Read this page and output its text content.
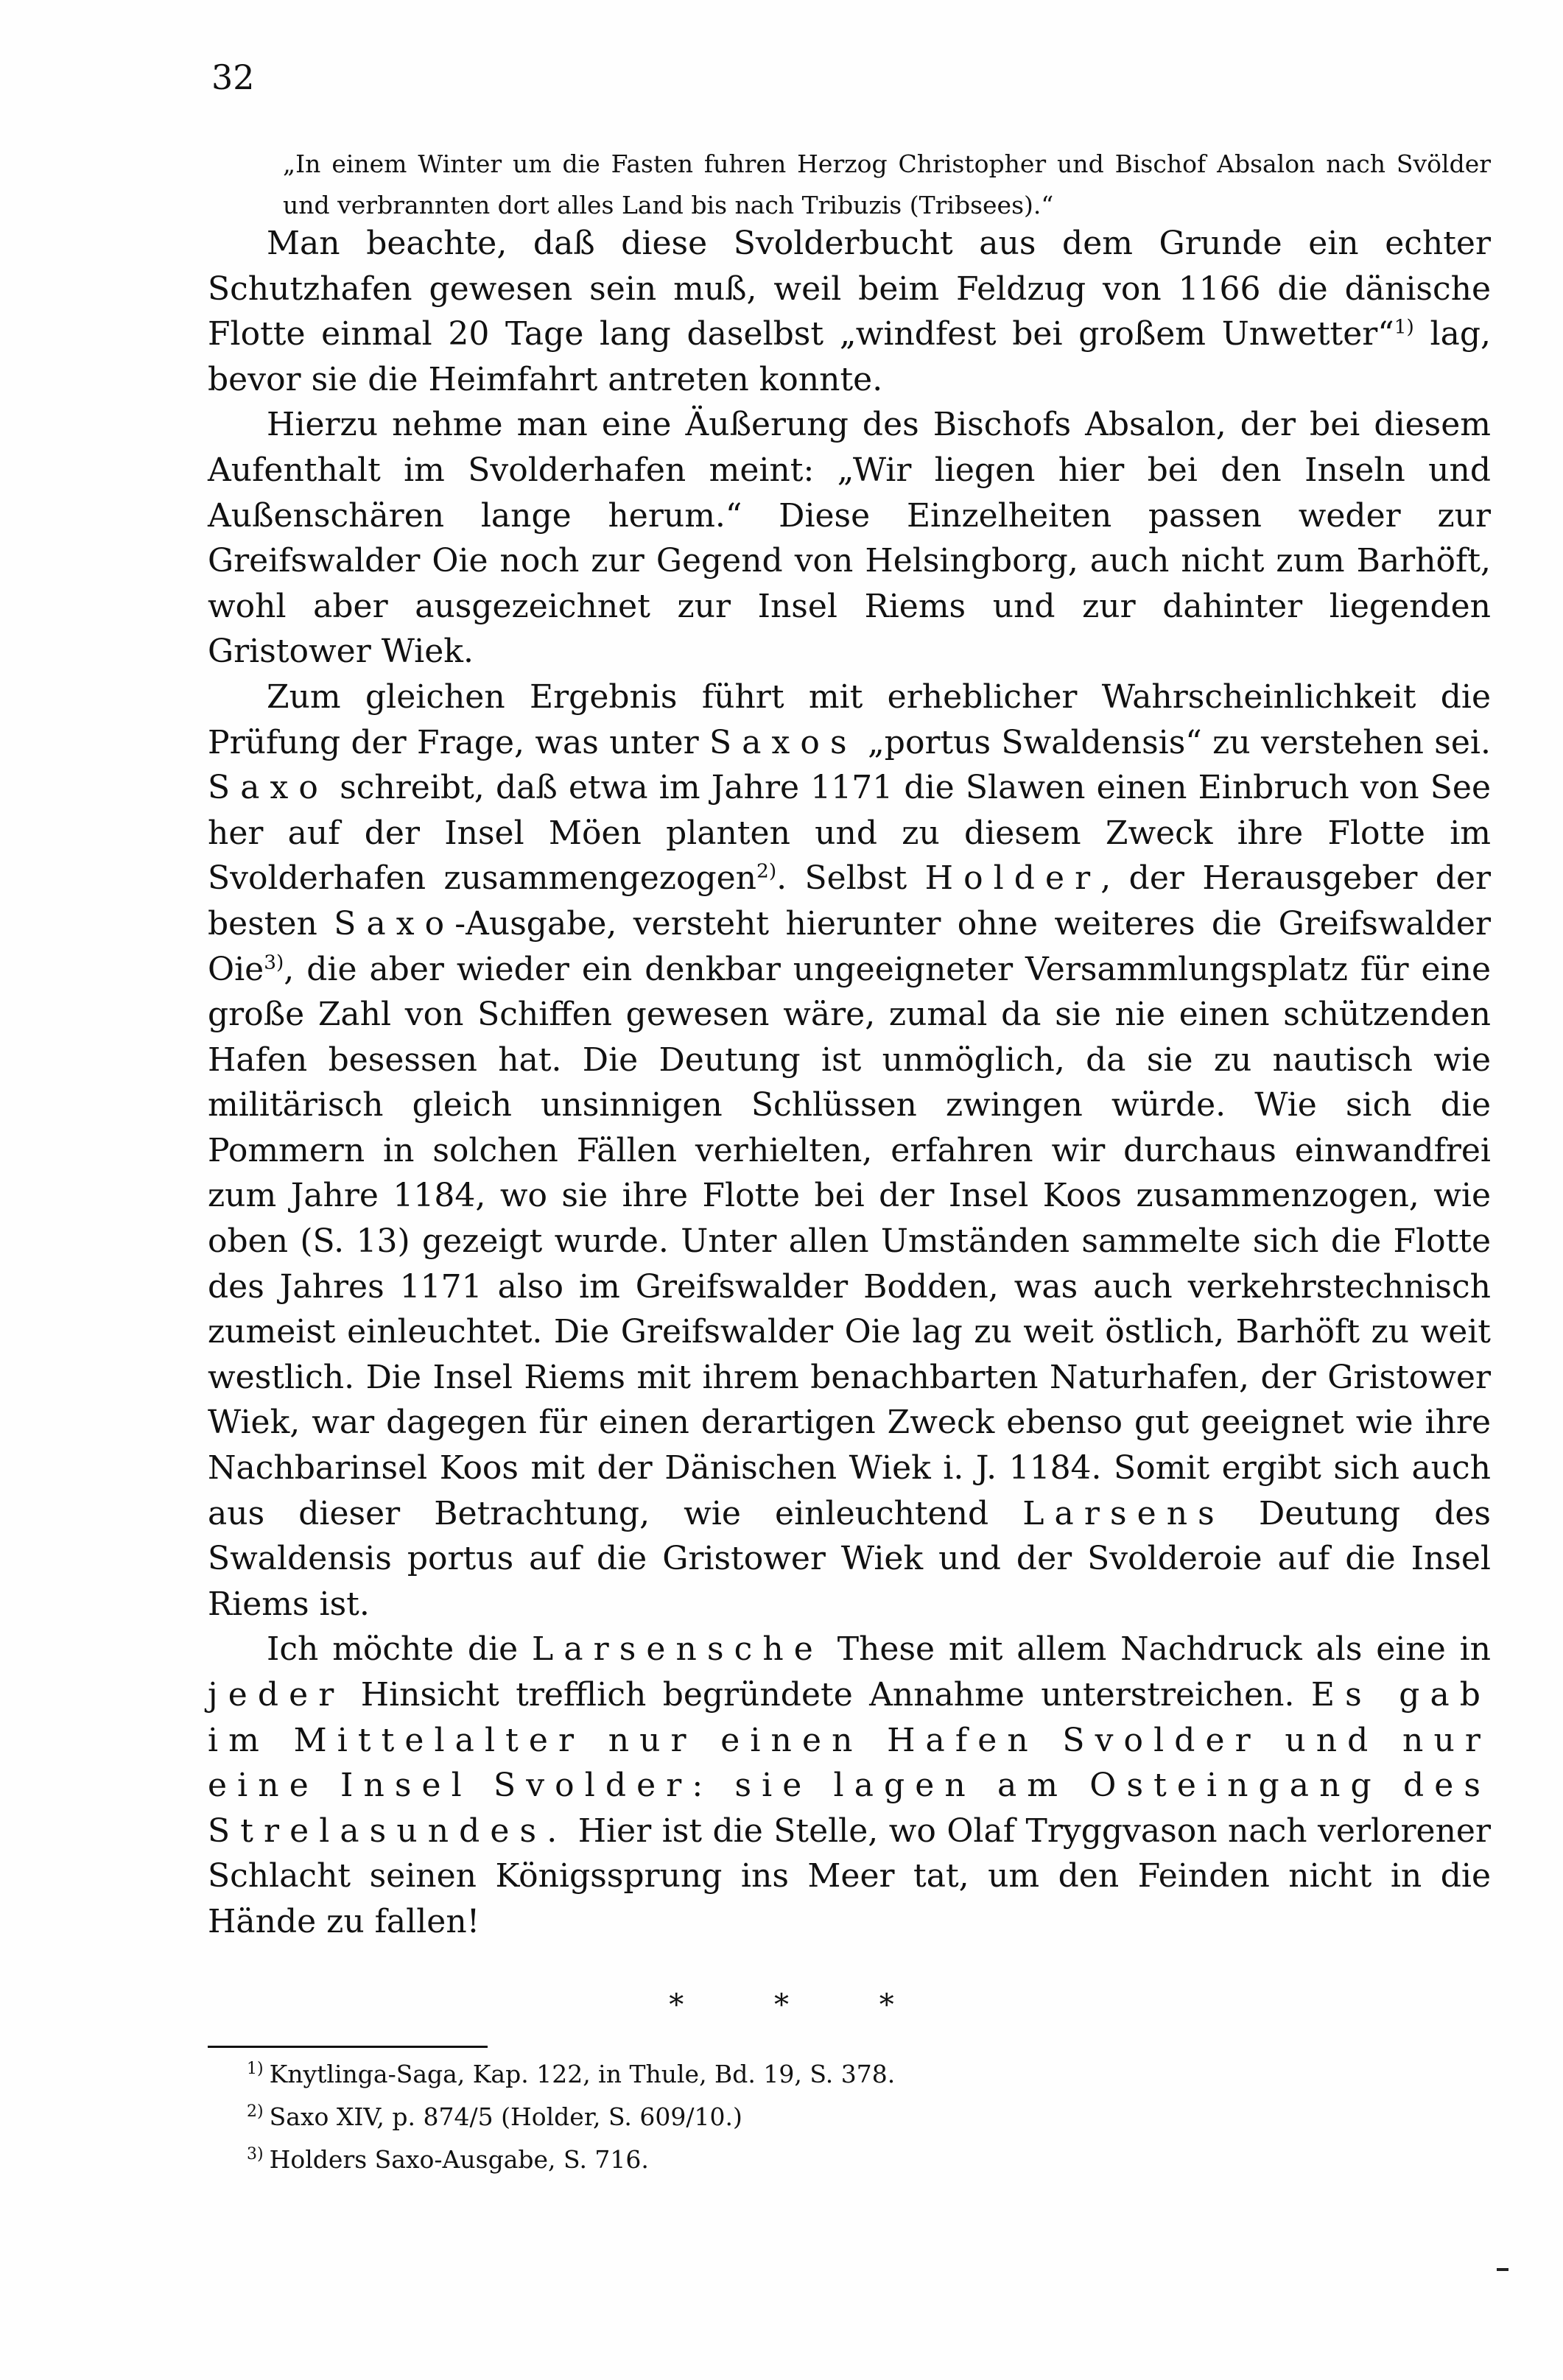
32
„In einem Winter um die Fasten fuhren Herzog Christopher und Bischof Absalon nach Svölder und verbrannten dort alles Land bis nach Tribuzis (Tribsees).“

Man beachte, daß diese Svolderbucht aus dem Grunde ein echter Schutzhafen gewesen sein muß, weil beim Feldzug von 1166 die dänische Flotte einmal 20 Tage lang daselbst „windfest bei großem Unwetter“$^{1)}$ lag, bevor sie die Heimfahrt antreten konnte.

Hierzu nehme man eine Äußerung des Bischofs Absalon, der bei diesem Aufenthalt im Svolderhafen meint: „Wir liegen hier bei den Inseln und Außenschären lange herum.“ Diese Einzelheiten passen weder zur Greifswalder Oie noch zur Gegend von Helsingborg, auch nicht zum Barhöft, wohl aber ausgezeichnet zur Insel Riems und zur dahinter liegenden Gristower Wiek.

Zum gleichen Ergebnis führt mit erheblicher Wahrscheinlichkeit die Prüfung der Frage, was unter Saxos „portus Swaldensis“ zu verstehen sei. Saxo schreibt, daß etwa im Jahre 1171 die Slawen einen Einbruch von See her auf der Insel Möen planten und zu diesem Zweck ihre Flotte im Svolderhafen zusammengezogen$^{2)}$. Selbst Holder, der Herausgeber der besten Saxo-Ausgabe, versteht hierunter ohne weiteres die Greifswalder Oie$^{3)}$, die aber wieder ein denkbar ungeeigneter Versammlungsplatz für eine große Zahl von Schiffen gewesen wäre, zumal da sie nie einen schützenden Hafen besessen hat. Die Deutung ist unmöglich, da sie zu nautisch wie militärisch gleich unsinnigen Schlüssen zwingen würde. Wie sich die Pommern in solchen Fällen verhielten, erfahren wir durchaus einwandfrei zum Jahre 1184, wo sie ihre Flotte bei der Insel Koos zusammenzogen, wie oben (S. 13) gezeigt wurde. Unter allen Umständen sammelte sich die Flotte des Jahres 1171 also im Greifswalder Bodden, was auch verkehrstechnisch zumeist einleuchtet. Die Greifswalder Oie lag zu weit östlich, Barhöft zu weit westlich. Die Insel Riems mit ihrem benachbarten Naturhafen, der Gristower Wiek, war dagegen für einen derartigen Zweck ebenso gut geeignet wie ihre Nachbarinsel Koos mit der Dänischen Wiek i. J. 1184. Somit ergibt sich auch aus dieser Betrachtung, wie einleuchtend Larsens Deutung des Swaldensis portus auf die Gristower Wiek und der Svolderoie auf die Insel Riems ist.

Ich möchte die Larsensche These mit allem Nachdruck als eine in jeder Hinsicht trefflich begründete Annahme unterstreichen. Es gab im Mittelalter nur einen Hafen Svolder und nur eine Insel Svolder: sie lagen am Osteingang des Strelasundes. Hier ist die Stelle, wo Olaf Tryggvason nach verlorener Schlacht seinen Königssprung ins Meer tat, um den Feinden nicht in die Hände zu fallen!

* * *
$^{1)}$ Knytlinga-Saga, Kap. 122, in Thule, Bd. 19, S. 378.
$^{2)}$ Saxo XIV, p. 874/5 (Holder, S. 609/10.)
$^{3)}$ Holders Saxo-Ausgabe, S. 716.
